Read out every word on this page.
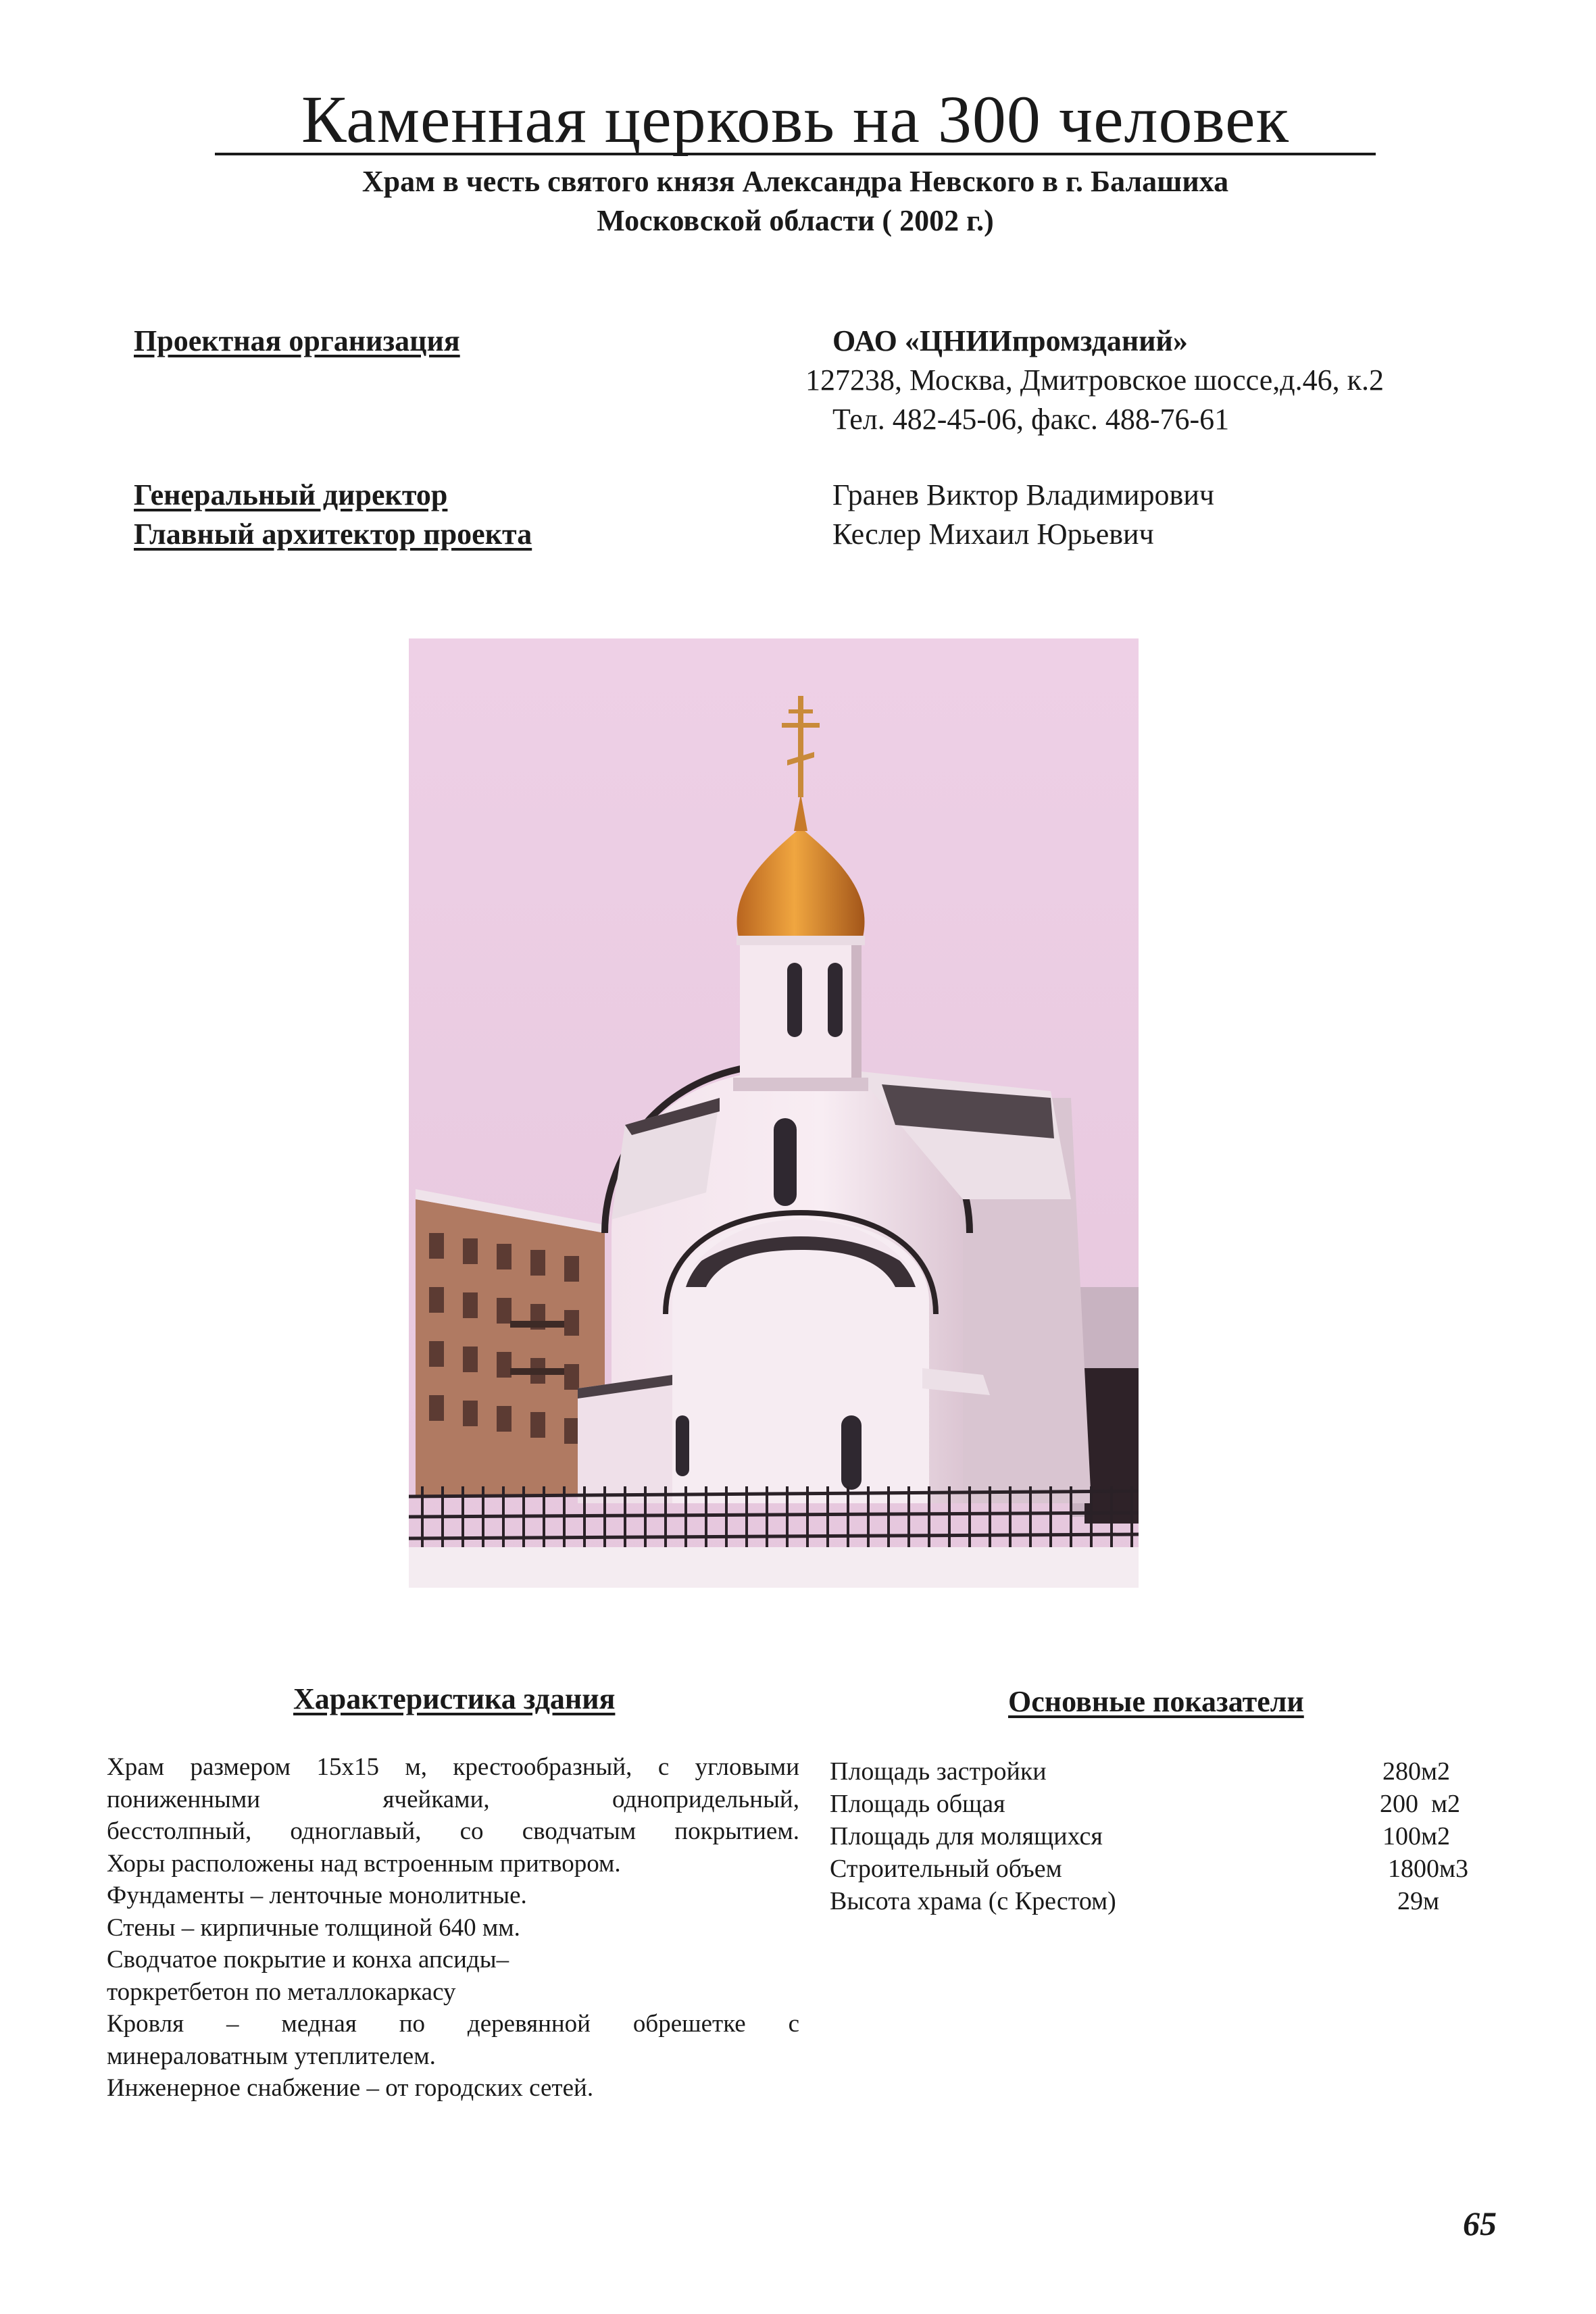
Каменная церковь на 300 человек
Храм в честь святого князя Александра Невского в г. Балашиха
Московской области ( 2002 г.)
Проектная организация	ОАО «ЦНИИпромзданий»
127238, Москва, Дмитровское шоссе,д.46, к.2
Тел. 482-45-06, факс. 488-76-61
Генеральный директор	Гранев Виктор Владимирович
Главный архитектор проекта	Кеслер Михаил Юрьевич
Характеристика здания
Храм размером 15х15 м, крестообразный, с угловыми
пониженными ячейками, однопридельный,
бесстолпный, одноглавый, со сводчатым покрытием.
Хоры расположены над встроенным притвором.
Фундаменты – ленточные монолитные.
Стены – кирпичные толщиной 640 мм.
Сводчатое покрытие и конха апсиды–
торкретбетон по металлокаркасу
Кровля – медная по деревянной обрешетке с
минераловатным утеплителем.
Инженерное снабжение – от городских сетей.
Основные показатели
Площадь застройки	280м2
Площадь общая	200  м2
Площадь для молящихся	100м2
Строительный объем	1800м3
Высота храма (с Крестом)	29м
65
